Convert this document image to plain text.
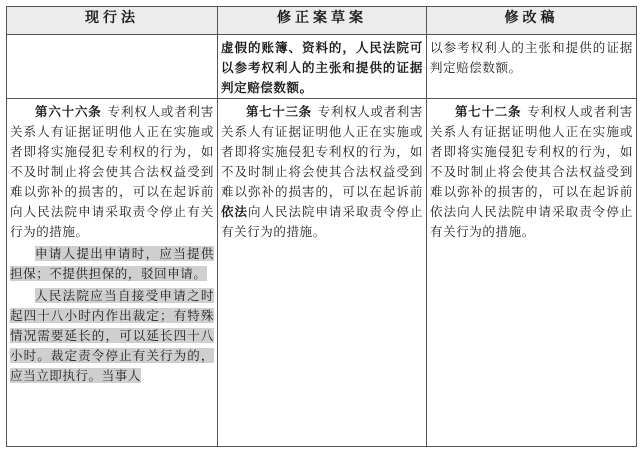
现行法	修正案草案	修改稿

	虚假的账簿、资料的，人民法院可以参考权利人的主张和提供的证据判定赔偿数额。	以参考权利人的主张和提供的证据判定赔偿数额。

第六十六条 专利权人或者利害关系人有证据证明他人正在实施或者即将实施侵犯专利权的行为，如不及时制止将会使其合法权益受到难以弥补的损害的，可以在起诉前向人民法院申请采取责令停止有关行为的措施。

申请人提出申请时，应当提供担保；不提供担保的，驳回申请。

人民法院应当自接受申请之时起四十八小时内作出裁定；有特殊情况需要延长的，可以延长四十八小时。裁定责令停止有关行为的，应当立即执行。当事人	第七十三条 专利权人或者利害关系人有证据证明他人正在实施或者即将实施侵犯专利权的行为，如不及时制止将会使其合法权益受到难以弥补的损害的，可以在起诉前依法向人民法院申请采取责令停止有关行为的措施。	第七十二条 专利权人或者利害关系人有证据证明他人正在实施或者即将实施侵犯专利权的行为，如不及时制止将会使其合法权益受到难以弥补的损害的，可以在起诉前依法向人民法院申请采取责令停止有关行为的措施。
